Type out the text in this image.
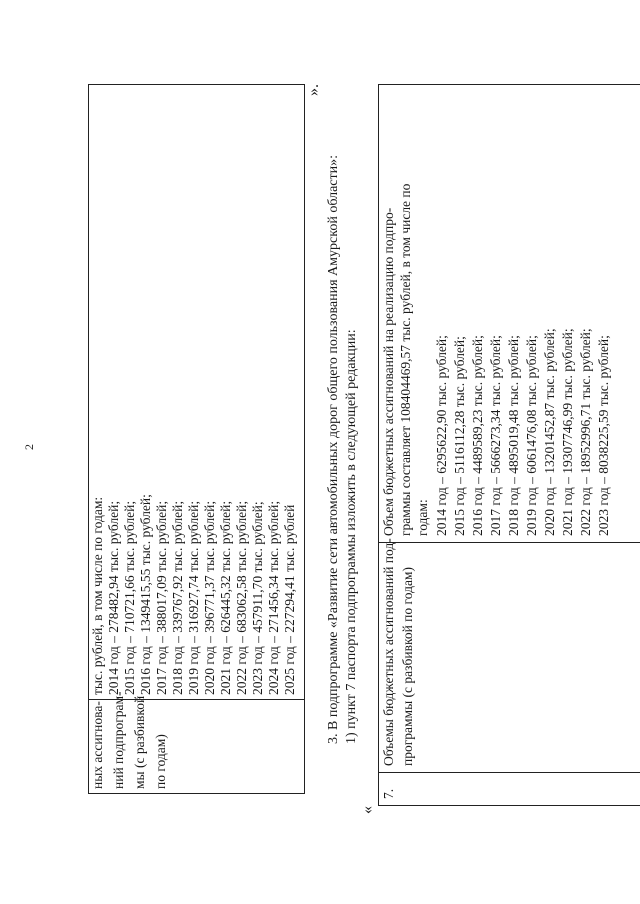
2
ных ассигнова- ний подпрограм- мы (с разбивкой по годам)
тыс. рублей, в том числе по годам: 2014 год – 278482,94 тыс. рублей; 2015 год – 710721,66 тыс. рублей; 2016 год – 1349415,55 тыс. рублей; 2017 год – 388017,09 тыс. рублей; 2018 год – 339767,92 тыс. рублей; 2019 год – 316927,74 тыс. рублей; 2020 год – 396771,37 тыс. рублей; 2021 год – 626445,32 тыс. рублей; 2022 год – 683062,58 тыс. рублей; 2023 год – 457911,70 тыс. рублей; 2024 год – 271456,34 тыс. рублей; 2025 год – 227294,41 тыс. рублей
».
3. В подпрограмме «Развитие сети автомобильных дорог общего пользования Амурской области»: 1) пункт 7 паспорта подпрограммы изложить в следующей редакции:
«
7.
Объемы бюджетных ассигнований под- программы (с разбивкой по годам)
Объем бюджетных ассигнований на реализацию подпро- граммы составляет 108404469,57 тыс. рублей, в том числе по годам: 2014 год – 6295622,90 тыс. рублей; 2015 год – 5116112,28 тыс. рублей; 2016 год – 4489589,23 тыс. рублей; 2017 год – 5666273,34 тыс. рублей; 2018 год – 4895019,48 тыс. рублей; 2019 год – 6061476,08 тыс. рублей; 2020 год – 13201452,87 тыс. рублей; 2021 год – 19307746,99 тыс. рублей; 2022 год – 18952996,71 тыс. рублей; 2023 год – 8038225,59 тыс. рублей;
